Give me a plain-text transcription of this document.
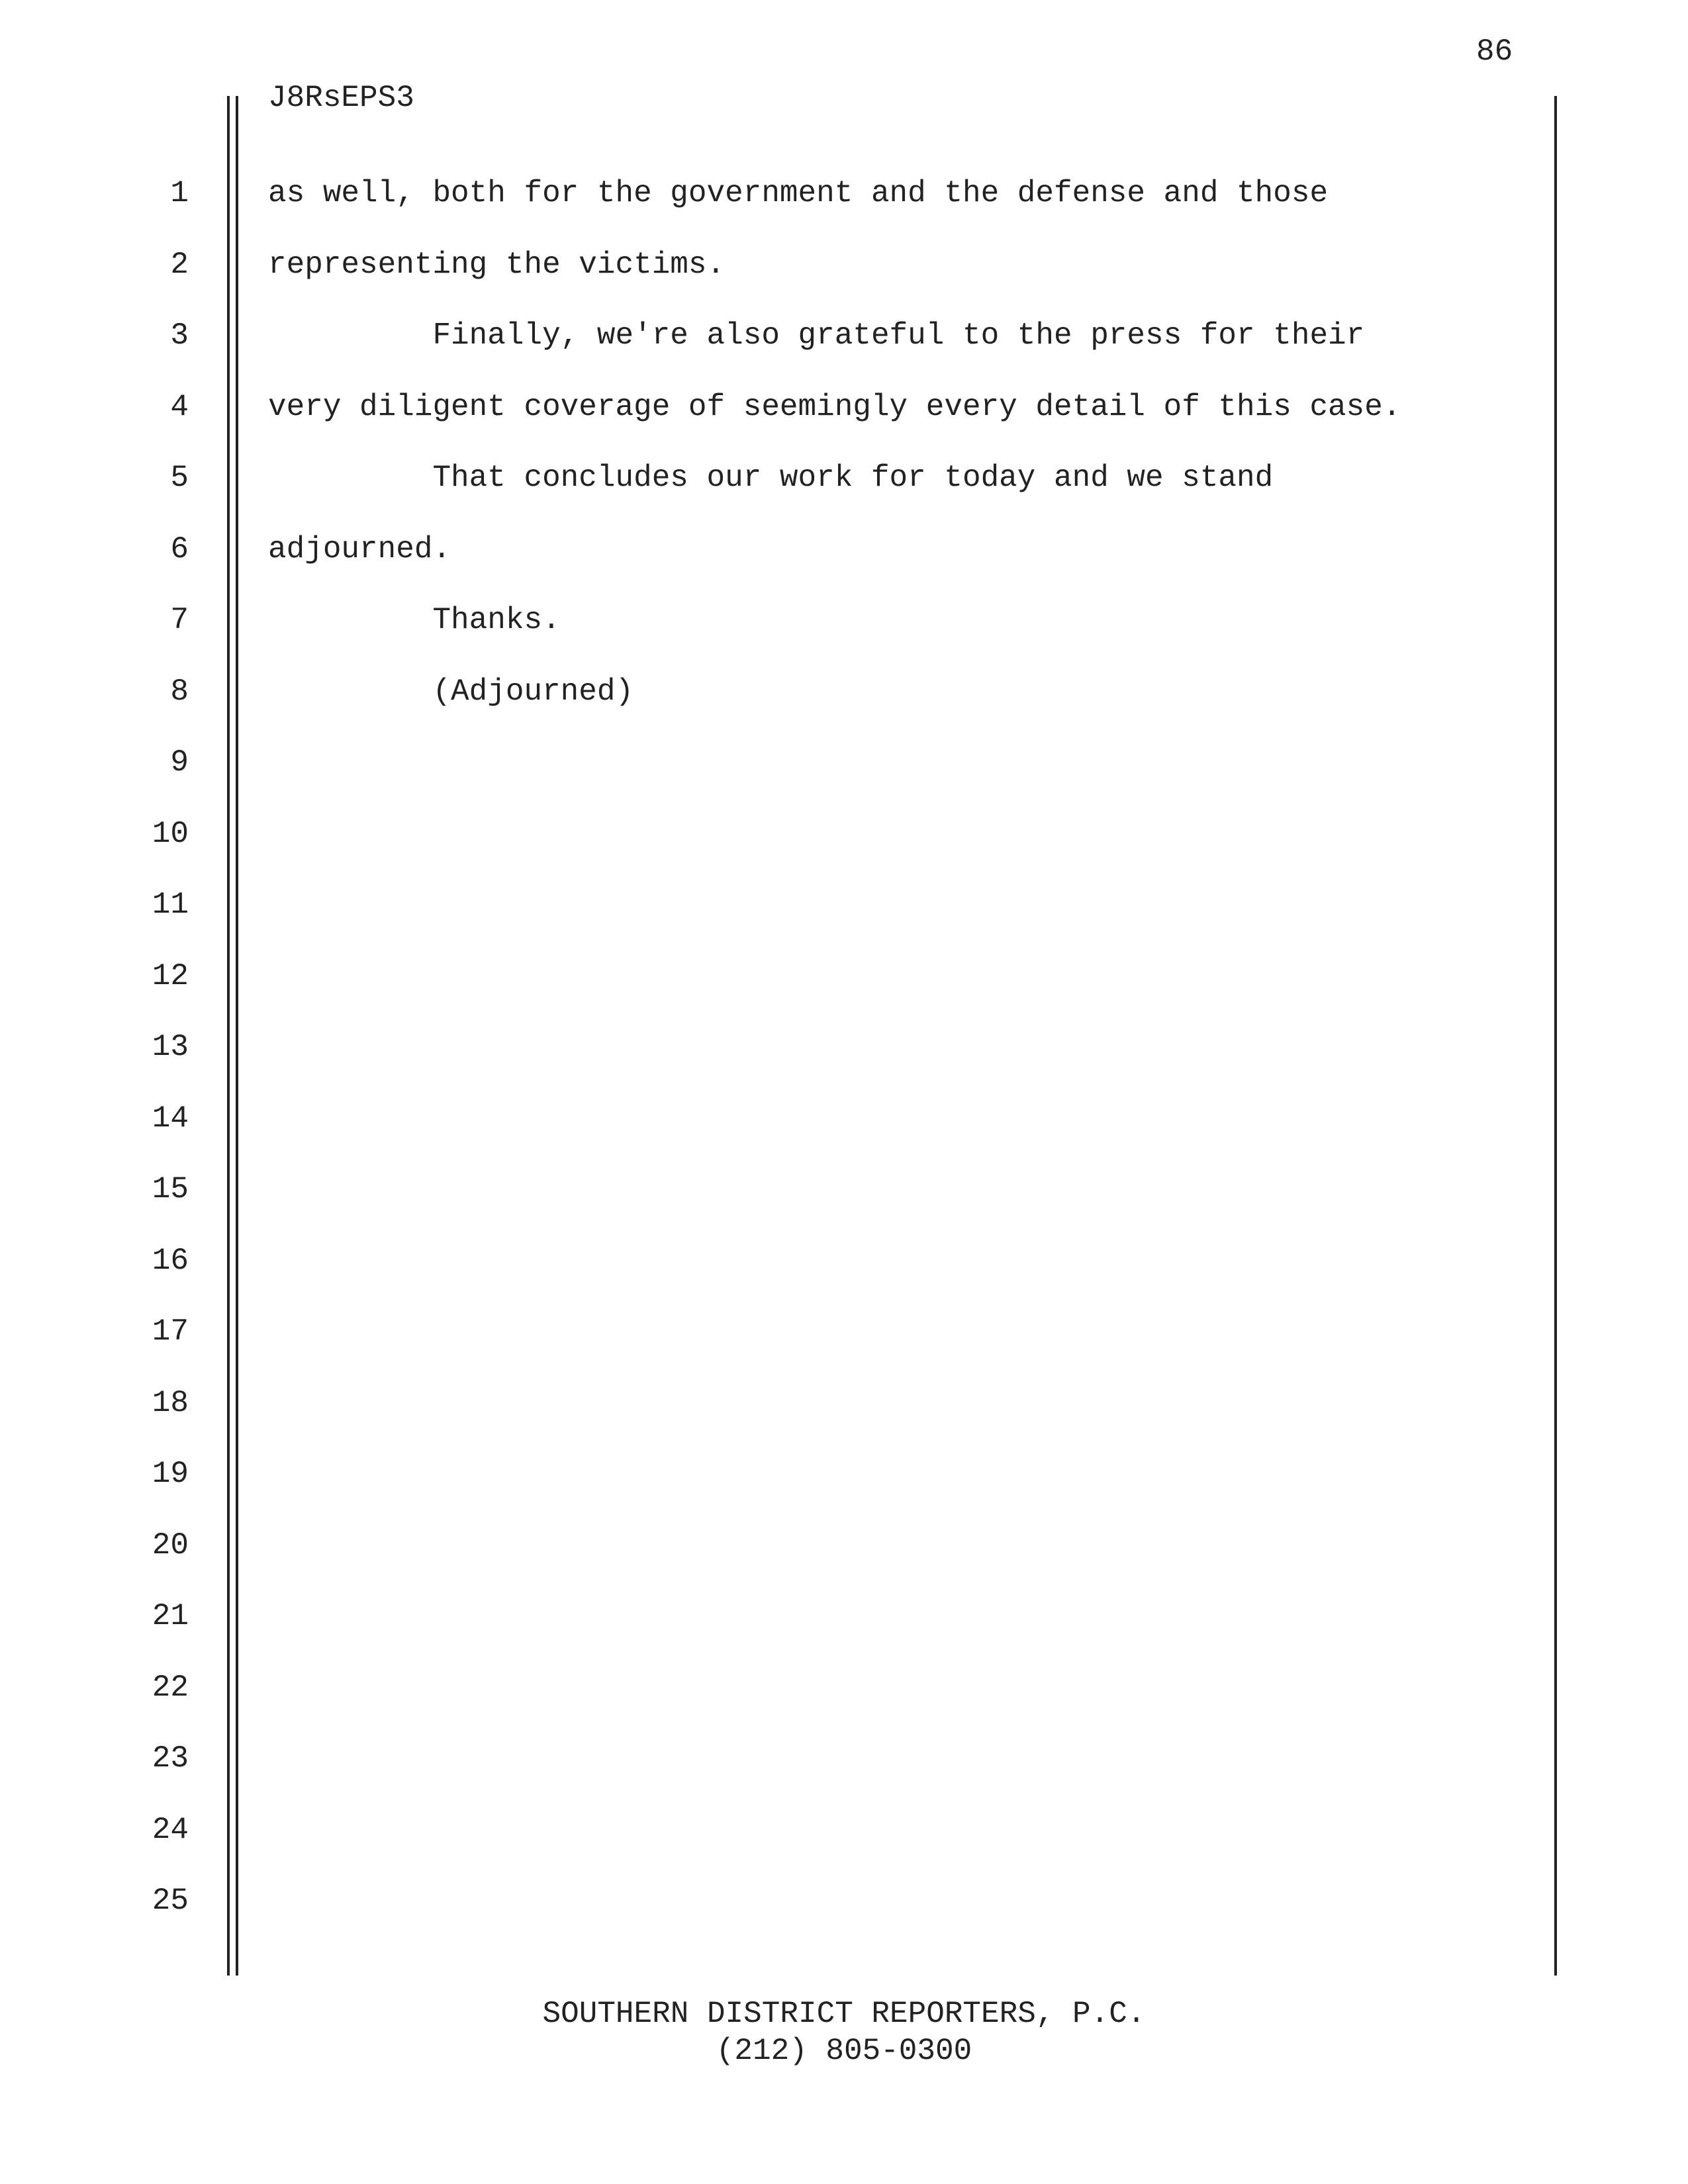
86
J8RsEPS3
1	as well, both for the government and the defense and those
2	representing the victims.
3	Finally, we're also grateful to the press for their
4	very diligent coverage of seemingly every detail of this case.
5	That concludes our work for today and we stand
6	adjourned.
7	Thanks.
8	(Adjourned)
9
10
11
12
13
14
15
16
17
18
19
20
21
22
23
24
25
SOUTHERN DISTRICT REPORTERS, P.C.
(212) 805-0300
